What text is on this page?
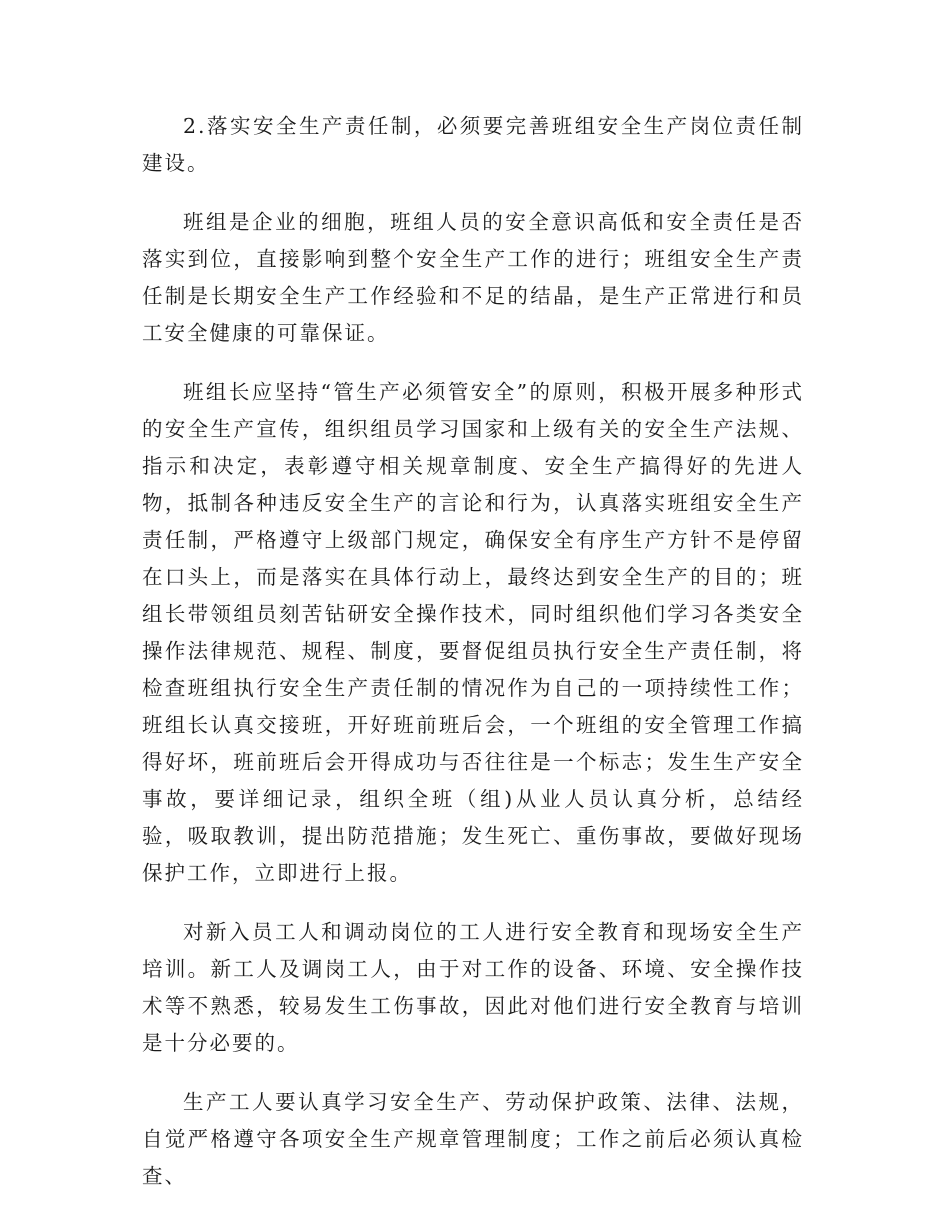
2.落实安全生产责任制，必须要完善班组安全生产岗位责任制建设。

班组是企业的细胞，班组人员的安全意识高低和安全责任是否落实到位，直接影响到整个安全生产工作的进行；班组安全生产责任制是长期安全生产工作经验和不足的结晶，是生产正常进行和员工安全健康的可靠保证。

班组长应坚持“管生产必须管安全”的原则，积极开展多种形式的安全生产宣传，组织组员学习国家和上级有关的安全生产法规、指示和决定，表彰遵守相关规章制度、安全生产搞得好的先进人物，抵制各种违反安全生产的言论和行为，认真落实班组安全生产责任制，严格遵守上级部门规定，确保安全有序生产方针不是停留在口头上，而是落实在具体行动上，最终达到安全生产的目的；班组长带领组员刻苦钻研安全操作技术，同时组织他们学习各类安全操作法律规范、规程、制度，要督促组员执行安全生产责任制，将检查班组执行安全生产责任制的情况作为自己的一项持续性工作；班组长认真交接班，开好班前班后会，一个班组的安全管理工作搞得好坏，班前班后会开得成功与否往往是一个标志；发生生产安全事故，要详细记录，组织全班（组)从业人员认真分析，总结经验，吸取教训，提出防范措施；发生死亡、重伤事故，要做好现场保护工作，立即进行上报。

对新入员工人和调动岗位的工人进行安全教育和现场安全生产培训。新工人及调岗工人，由于对工作的设备、环境、安全操作技术等不熟悉，较易发生工伤事故，因此对他们进行安全教育与培训是十分必要的。

生产工人要认真学习安全生产、劳动保护政策、法律、法规，自觉严格遵守各项安全生产规章管理制度；工作之前后必须认真检查、
